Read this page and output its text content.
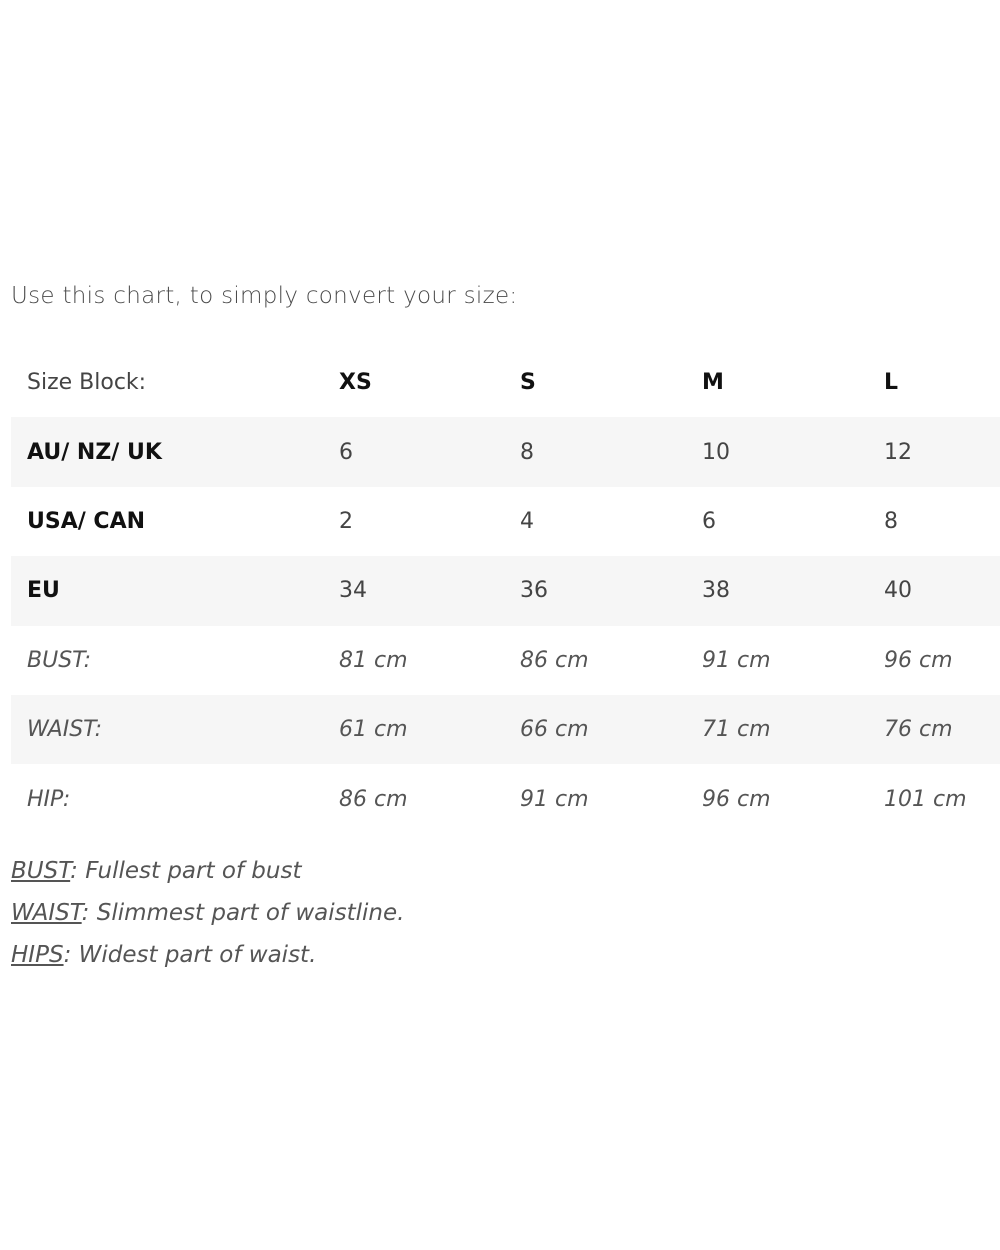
Use this chart, to simply convert your size:
Size Block:	XS	S	M	L
AU/ NZ/ UK	6	8	10	12
USA/ CAN	2	4	6	8
EU	34	36	38	40
BUST:	81 cm	86 cm	91 cm	96 cm
WAIST:	61 cm	66 cm	71 cm	76 cm
HIP:	86 cm	91 cm	96 cm	101 cm
BUST: Fullest part of bust
WAIST: Slimmest part of waistline.
HIPS: Widest part of waist.
